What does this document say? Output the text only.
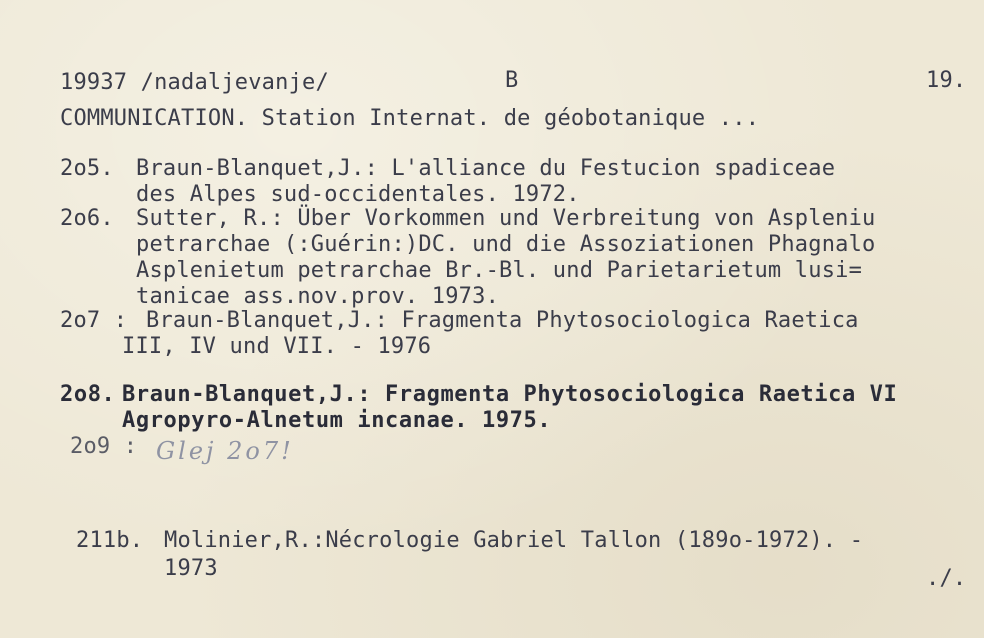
19937 /nadaljevanje/	B	19.
COMMUNICATION. Station Internat. de géobotanique ...
2o5. Braun-Blanquet,J.: L'alliance du Festucion spadiceae
des Alpes sud-occidentales. 1972.
2o6. Sutter, R.: Über Vorkommen und Verbreitung von Aspleniu
petrarchae (:Guérin:)DC. und die Assoziationen Phagnalo
Asplenietum petrarchae Br.-Bl. und Parietarietum lusi=
tanicae ass.nov.prov. 1973.
2o7 : Braun-Blanquet,J.: Fragmenta Phytosociologica Raetica
III, IV und VII. - 1976
2o8. Braun-Blanquet,J.: Fragmenta Phytosociologica Raetica VI
Agropyro-Alnetum incanae. 1975.
2o9 : Glej 2o7!
211b. Molinier,R.:Nécrologie Gabriel Tallon (189o-1972). -
1973	./.
